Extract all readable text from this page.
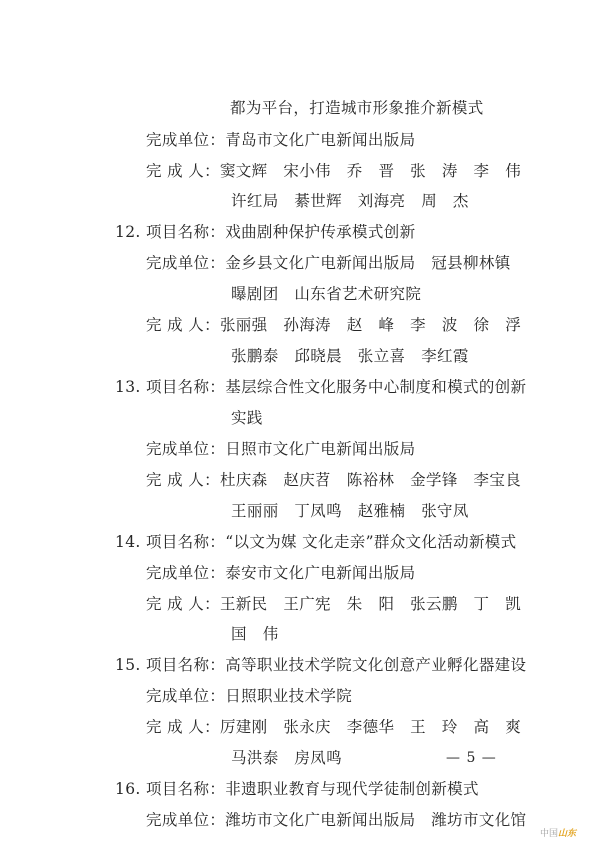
都为平台，打造城市形象推介新模式
完成单位：青岛市文化广电新闻出版局
完 成 人：窦文辉　宋小伟　乔　晋　张　涛　李　伟
许红局　綦世辉　刘海亮　周　杰
12. 项目名称：戏曲剧种保护传承模式创新
完成单位：金乡县文化广电新闻出版局　冠县柳林镇
曝剧团　山东省艺术研究院
完 成 人：张丽强　孙海涛　赵　峰　李　波　徐　浮
张鹏泰　邱晓晨　张立喜　李红霞
13. 项目名称：基层综合性文化服务中心制度和模式的创新
实践
完成单位：日照市文化广电新闻出版局
完 成 人：杜庆森　赵庆苕　陈裕林　金学锋　李宝良
王丽丽　丁凤鸣　赵雅楠　张守凤
14. 项目名称：“以文为媒 文化走亲”群众文化活动新模式
完成单位：泰安市文化广电新闻出版局
完 成 人：王新民　王广宪　朱　阳　张云鹏　丁　凯
国　伟
15. 项目名称：高等职业技术学院文化创意产业孵化器建设
完成单位：日照职业技术学院
完 成 人：厉建刚　张永庆　李德华　王　玲　高　爽
马洪泰　房凤鸣
16. 项目名称：非遗职业教育与现代学徒制创新模式
完成单位：潍坊市文化广电新闻出版局　潍坊市文化馆
— 5 —
中国山东
